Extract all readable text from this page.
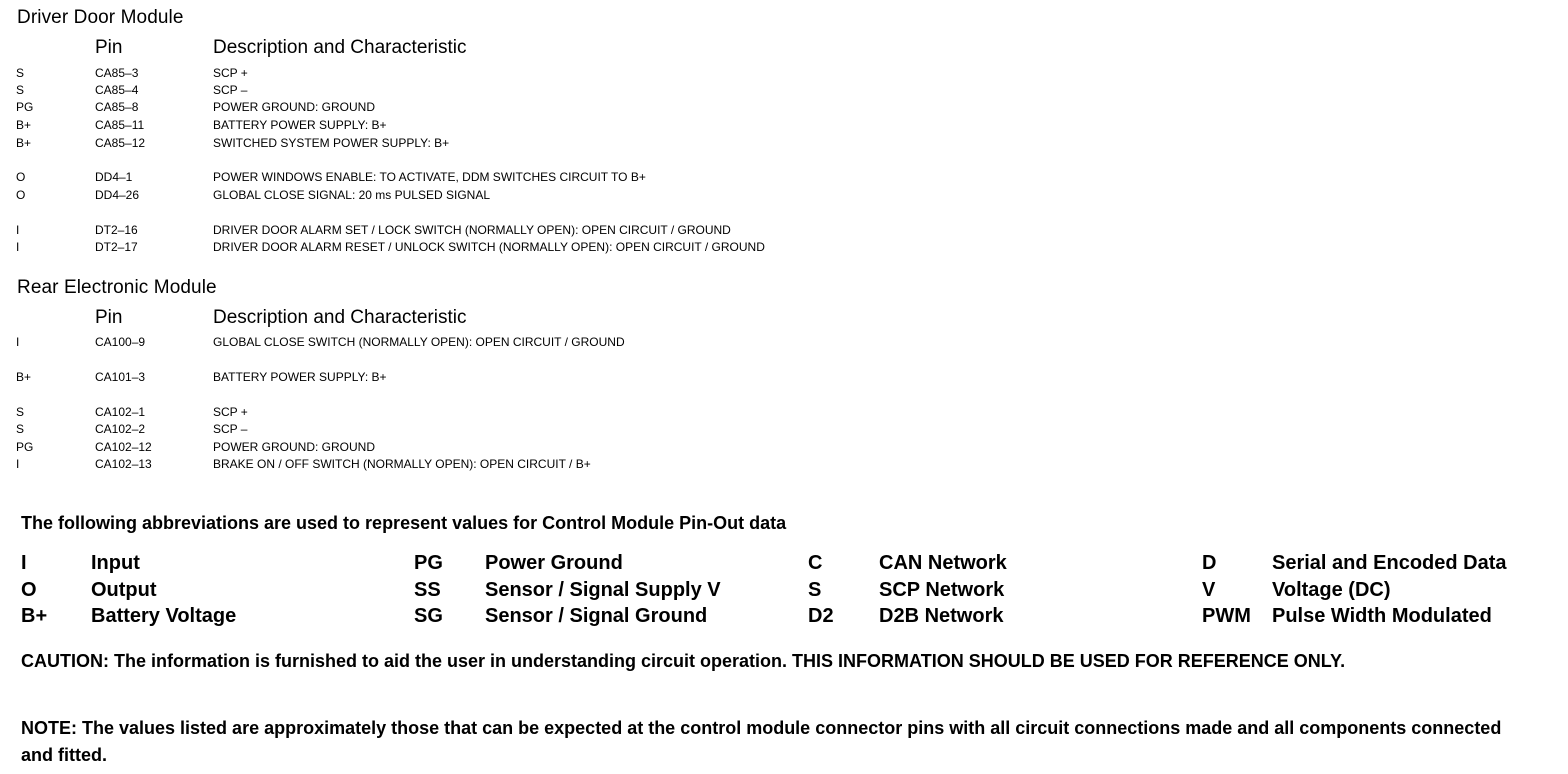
Driver Door Module
Pin	Description and Characteristic
S	CA85–3	SCP +
S	CA85–4	SCP –
PG	CA85–8	POWER GROUND: GROUND
B+	CA85–11	BATTERY POWER SUPPLY: B+
B+	CA85–12	SWITCHED SYSTEM POWER SUPPLY: B+
O	DD4–1	POWER WINDOWS ENABLE: TO ACTIVATE, DDM SWITCHES CIRCUIT TO B+
O	DD4–26	GLOBAL CLOSE SIGNAL: 20 ms PULSED SIGNAL
I	DT2–16	DRIVER DOOR ALARM SET / LOCK SWITCH (NORMALLY OPEN): OPEN CIRCUIT / GROUND
I	DT2–17	DRIVER DOOR ALARM RESET / UNLOCK SWITCH (NORMALLY OPEN): OPEN CIRCUIT / GROUND
Rear Electronic Module
Pin	Description and Characteristic
I	CA100–9	GLOBAL CLOSE SWITCH (NORMALLY OPEN): OPEN CIRCUIT / GROUND
B+	CA101–3	BATTERY POWER SUPPLY: B+
S	CA102–1	SCP +
S	CA102–2	SCP –
PG	CA102–12	POWER GROUND: GROUND
I	CA102–13	BRAKE ON / OFF SWITCH (NORMALLY OPEN): OPEN CIRCUIT / B+
The following abbreviations are used to represent values for Control Module Pin-Out data
I	Input	PG Power Ground	C	CAN Network	D	Serial and Encoded Data
O	Output	SS Sensor / Signal Supply V	S	SCP Network	V	Voltage (DC)
B+ Battery Voltage	SG Sensor / Signal Ground	D2 D2B Network	PWM Pulse Width Modulated
CAUTION: The information is furnished to aid the user in understanding circuit operation. THIS INFORMATION SHOULD BE USED FOR REFERENCE ONLY.
NOTE: The values listed are approximately those that can be expected at the control module connector pins with all circuit connections made and all components connected and fitted.
